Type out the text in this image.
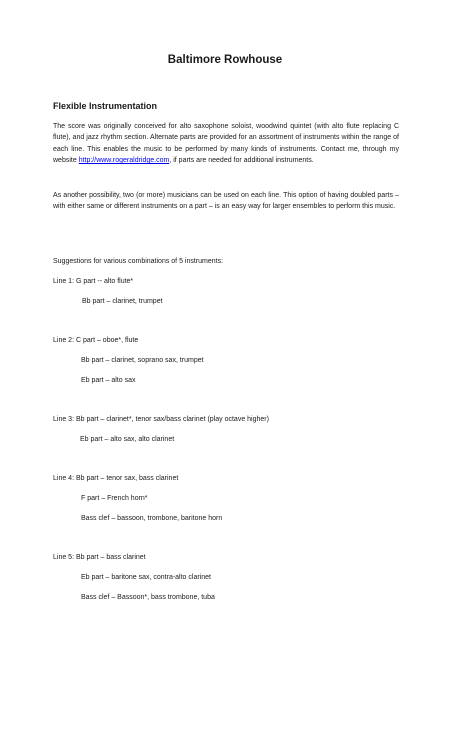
Baltimore Rowhouse
Flexible Instrumentation
The score was originally conceived for alto saxophone soloist, woodwind quintet (with alto flute replacing C flute), and jazz rhythm section. Alternate parts are provided for an assortment of instruments within the range of each line. This enables the music to be performed by many kinds of instruments. Contact me, through my website http://www.rogeraldridge.com, if parts are needed for additional instruments.
As another possibility, two (or more) musicians can be used on each line. This option of having doubled parts – with either same or different instruments on a part – is an easy way for larger ensembles to perform this music.
Suggestions for various combinations of 5 instruments:
Line 1: G part -- alto flute*
Bb part – clarinet, trumpet
Line 2: C part – oboe*, flute
Bb part – clarinet, soprano sax, trumpet
Eb part – alto sax
Line 3: Bb part – clarinet*, tenor sax/bass clarinet (play octave higher)
Eb part – alto sax, alto clarinet
Line 4: Bb part – tenor sax, bass clarinet
F part – French horn*
Bass clef – bassoon, trombone, baritone horn
Line 5: Bb part – bass clarinet
Eb part – baritone sax, contra-alto clarinet
Bass clef – Bassoon*, bass trombone, tuba
